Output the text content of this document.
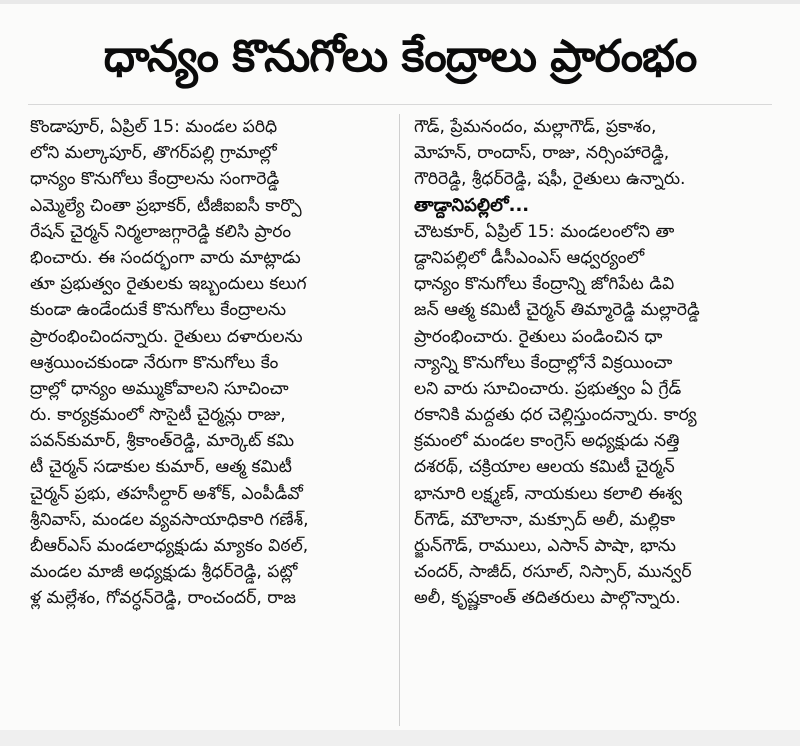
ధాన్యం కొనుగోలు కేంద్రాలు ప్రారంభం
కొండాపూర్, ఏప్రిల్ 15: మండల పరిధి
లోని మల్కాపూర్, తొగర్‌పల్లి గ్రామాల్లో
ధాన్యం కొనుగోలు కేంద్రాలను సంగారెడ్డి
ఎమ్మెల్యే చింతా ప్రభాకర్, టీజీఐఐసీ కార్పొ
రేషన్ చైర్మన్ నిర్మలాజగ్గారెడ్డి కలిసి ప్రారం
భించారు. ఈ సందర్భంగా వారు మాట్లాడు
తూ ప్రభుత్వం రైతులకు ఇబ్బందులు కలుగ
కుండా ఉండేందుకే కొనుగోలు కేంద్రాలను
ప్రారంభించిందన్నారు. రైతులు దళారులను
ఆశ్రయించకుండా నేరుగా కొనుగోలు కేం
ద్రాల్లో ధాన్యం అమ్ముకోవాలని సూచించా
రు. కార్యక్రమంలో సొసైటీ చైర్మన్లు రాజు,
పవన్‌కుమార్, శ్రీకాంత్‌రెడ్డి, మార్కెట్ కమి
టీ చైర్మన్ సడాకుల కుమార్, ఆత్మ కమిటీ
చైర్మన్ ప్రభు, తహసీల్దార్ అశోక్, ఎంపీడీవో
శ్రీనివాస్, మండల వ్యవసాయాధికారి గణేశ్,
బీఆర్ఎస్ మండలాధ్యక్షుడు మ్యాకం విఠల్,
మండల మాజీ అధ్యక్షుడు శ్రీధర్‌రెడ్డి, పట్లో
ళ్ల మల్లేశం, గోవర్ధన్‌రెడ్డి, రాంచందర్, రాజ
గౌడ్, ప్రేమనందం, మల్లాగౌడ్, ప్రకాశం,
మోహన్, రాందాస్, రాజు, నర్సింహారెడ్డి,
గౌరిరెడ్డి, శ్రీధర్‌రెడ్డి, షఫీ, రైతులు ఉన్నారు.
తాడ్దానిపల్లిలో...
చౌటకూర్, ఏప్రిల్ 15: మండలంలోని తా
డ్దానిపల్లిలో డీసీఎంఎస్ ఆధ్వర్యంలో
ధాన్యం కొనుగోలు కేంద్రాన్ని జోగిపేట డివి
జన్ ఆత్మ కమిటీ చైర్మన్ తిమ్మారెడ్డి మల్లారెడ్డి
ప్రారంభించారు. రైతులు పండించిన ధా
న్యాన్ని కొనుగోలు కేంద్రాల్లోనే విక్రయించా
లని వారు సూచించారు. ప్రభుత్వం ఏ గ్రేడ్
రకానికి మద్దతు ధర చెల్లిస్తుందన్నారు. కార్య
క్రమంలో మండల కాంగ్రెస్ అధ్యక్షుడు నత్తి
దశరథ్, చక్రియాల ఆలయ కమిటీ చైర్మన్
భానూరి లక్ష్మణ్, నాయకులు కలాలి ఈశ్వ
ర్‌గౌడ్, మౌలానా, మక్సూద్ అలీ, మల్లికా
ర్జున్‌గౌడ్, రాములు, ఎసాన్ పాషా, భాను
చందర్, సాజీద్, రసూల్, నిస్సార్, మున్వర్
అలీ, కృష్ణకాంత్ తదితరులు పాల్గొన్నారు.
